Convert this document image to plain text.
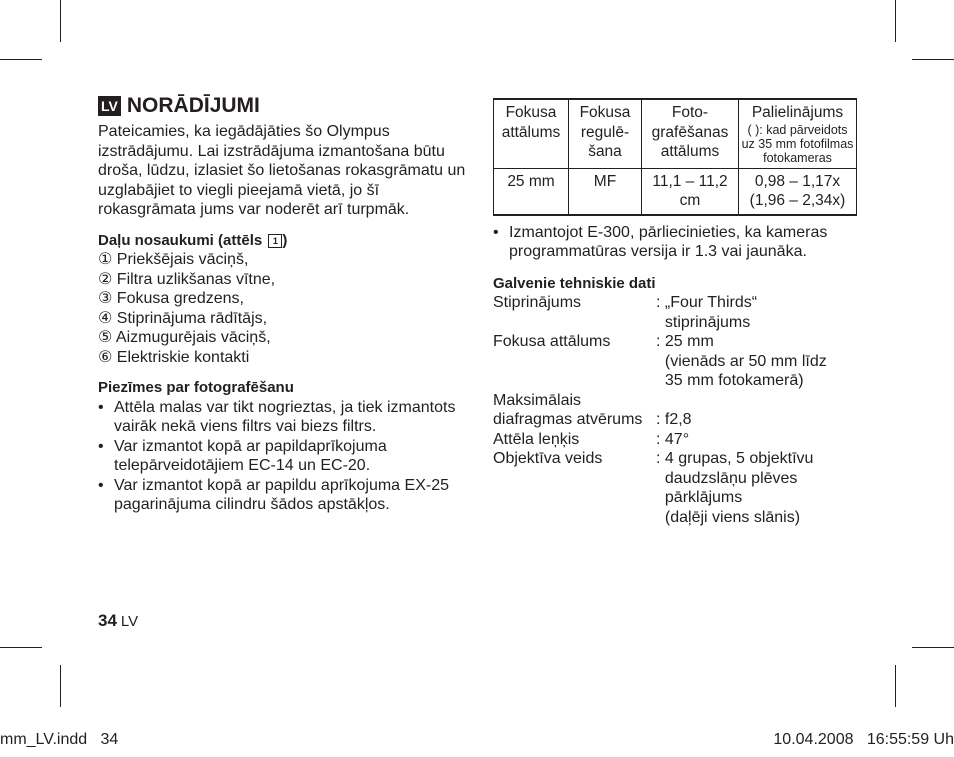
LV NORĀDĪJUMI
Pateicamies, ka iegādājāties šo Olympus izstrādājumu. Lai izstrādājuma izmantošana būtu droša, lūdzu, izlasiet šo lietošanas rokasgrāmatu un uzglabājiet to viegli pieejamā vietā, jo šī rokasgrāmata jums var noderēt arī turpmāk.
Daļu nosaukumi (attēls 1 )
① Priekšējais vāciņš,
② Filtra uzlikšanas vītne,
③ Fokusa gredzens,
④ Stiprinājuma rādītājs,
⑤ Aizmugurējais vāciņš,
⑥ Elektriskie kontakti
Piezīmes par fotografēšanu
• Attēla malas var tikt nogrieztas, ja tiek izmantots vairāk nekā viens filtrs vai biezs filtrs.
• Var izmantot kopā ar papildaprīkojuma telepārveidotājiem EC-14 un EC-20.
• Var izmantot kopā ar papildu aprīkojuma EX-25 pagarinājuma cilindru šādos apstākļos.
Fokusa attālums	Fokusa regulē-šana	Foto-grafēšanas attālums	Palielinājums
( ): kad pārveidots uz 35 mm fotofilmas fotokameras

25 mm	MF	11,1 – 11,2 cm	0,98 – 1,17x (1,96 – 2,34x)
• Izmantojot E-300, pārliecinieties, ka kameras programmatūras versija ir 1.3 vai jaunāka.
Galvenie tehniskie dati
Stiprinājums	: „Four Thirds“
stiprinājums
Fokusa attālums	: 25 mm
(vienāds ar 50 mm līdz
35 mm fotokamerā)
Maksimālais
diafragmas atvērums : f2,8
Attēla leņķis	: 47°
Objektīva veids	: 4 grupas, 5 objektīvu
daudzslāņu plēves
pārklājums
(daļēji viens slānis)
34 LV
mm_LV.indd   34	10.04.2008   16:55:59 Uh
